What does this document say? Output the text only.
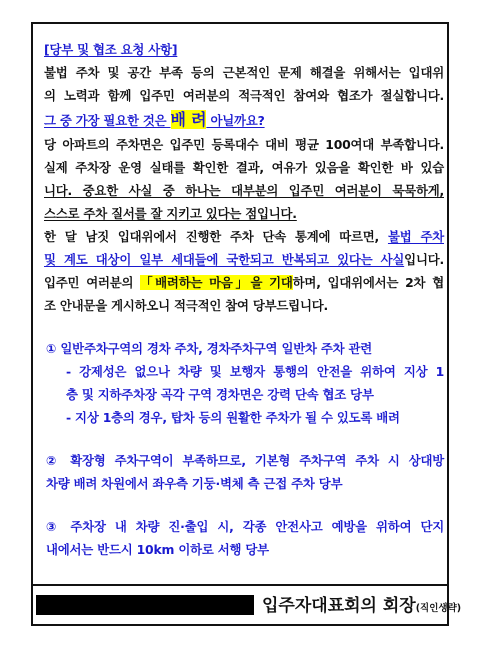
[당부 및 협조 요청 사항]

불법 주차 및 공간 부족 등의 근본적인 문제 해결을 위해서는 입대위

의 노력과 함께 입주민 여러분의 적극적인 참여와 협조가 절실합니다.

그 중 가장 필요한 것은 배 려 아닐까요?

당 아파트의 주차면은 입주민 등록대수 대비 평균 100여대 부족합니다.

실제 주차장 운영 실태를 확인한 결과, 여유가 있음을 확인한 바 있습

니다. 중요한 사실 중 하나는 대부분의 입주민 여러분이 묵묵하게,

스스로 주차 질서를 잘 지키고 있다는 점입니다.

한 달 남짓 입대위에서 진행한 주차 단속 통계에 따르면, 불법 주차

및 계도 대상이 일부 세대들에 국한되고 반복되고 있다는 사실입니다.

입주민 여러분의 「배려하는 마음」을 기대하며, 입대위에서는 2차 협

조 안내문을 게시하오니 적극적인 참여 당부드립니다.

① 일반주차구역의 경차 주차, 경차주차구역 일반차 주차 관련

- 강제성은 없으나 차량 및 보행자 통행의 안전을 위하여 지상 1

층 및 지하주차장 곡각 구역 경차면은 강력 단속 협조 당부

- 지상 1층의 경우, 탑차 등의 원활한 주차가 될 수 있도록 배려

② 확장형 주차구역이 부족하므로, 기본형 주차구역 주차 시 상대방

차량 배려 차원에서 좌우측 기둥·벽체 측 근접 주차 당부

③ 주차장 내 차량 진·출입 시, 각종 안전사고 예방을 위하여 단지

내에서는 반드시 10km 이하로 서행 당부

입주자대표회의 회장(직인생략)
